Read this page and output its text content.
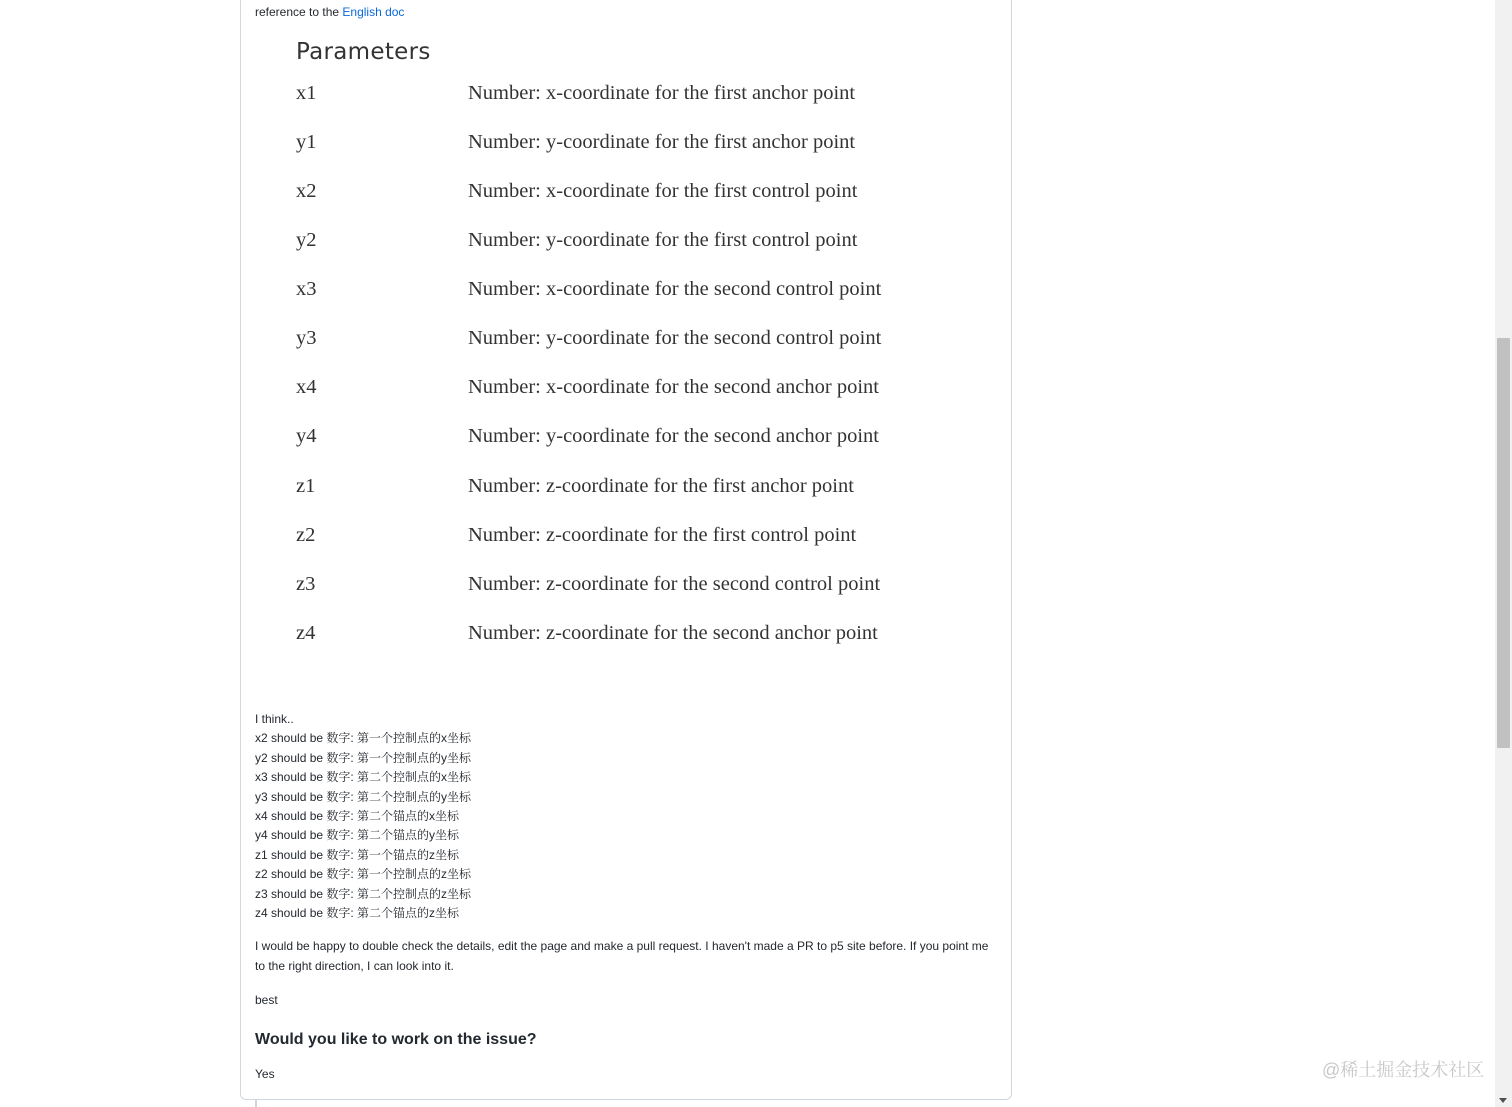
reference to the English doc
Parameters
x1	Number: x-coordinate for the first anchor point
y1	Number: y-coordinate for the first anchor point
x2	Number: x-coordinate for the first control point
y2	Number: y-coordinate for the first control point
x3	Number: x-coordinate for the second control point
y3	Number: y-coordinate for the second control point
x4	Number: x-coordinate for the second anchor point
y4	Number: y-coordinate for the second anchor point
z1	Number: z-coordinate for the first anchor point
z2	Number: z-coordinate for the first control point
z3	Number: z-coordinate for the second control point
z4	Number: z-coordinate for the second anchor point
I think..
x2 should be 数字: 第一个控制点的x坐标
y2 should be 数字: 第一个控制点的y坐标
x3 should be 数字: 第二个控制点的x坐标
y3 should be 数字: 第二个控制点的y坐标
x4 should be 数字: 第二个锚点的x坐标
y4 should be 数字: 第二个锚点的y坐标
z1 should be 数字: 第一个锚点的z坐标
z2 should be 数字: 第一个控制点的z坐标
z3 should be 数字: 第二个控制点的z坐标
z4 should be 数字: 第二个锚点的z坐标
I would be happy to double check the details, edit the page and make a pull request. I haven't made a PR to p5 site before. If you point me to the right direction, I can look into it.
best
Would you like to work on the issue?
Yes	@稀土掘金技术社区
